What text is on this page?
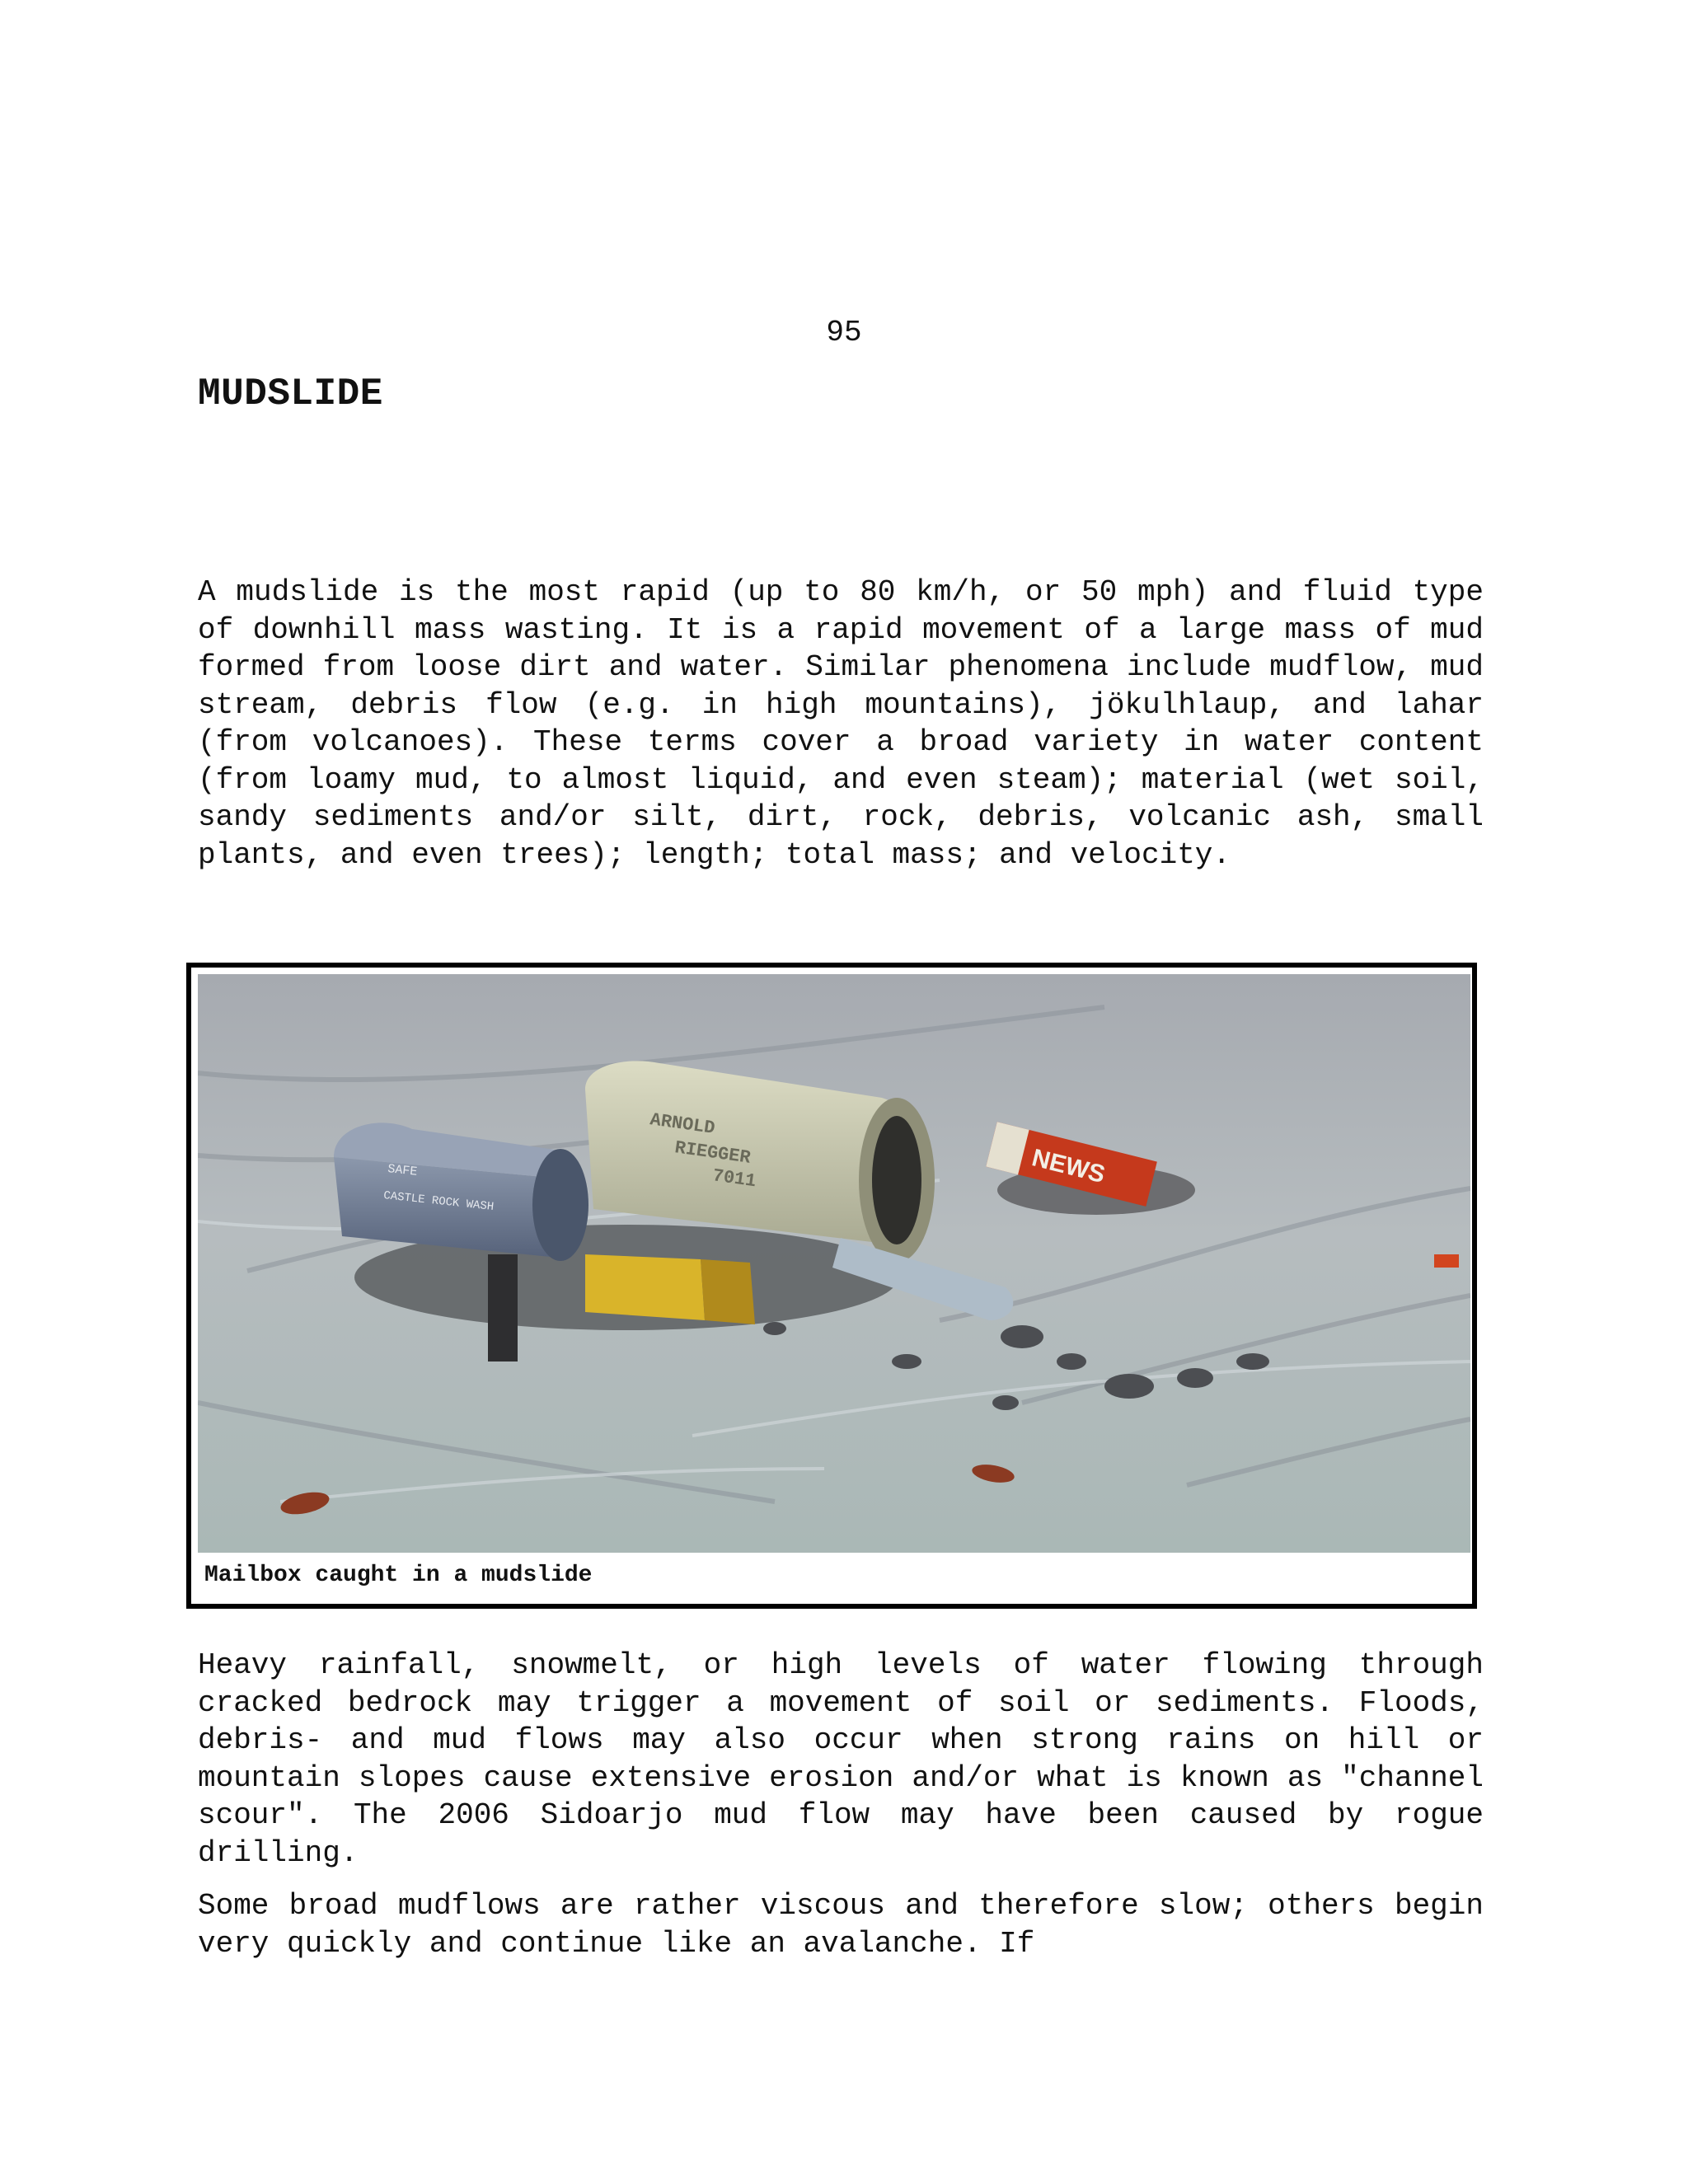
95
MUDSLIDE

A mudslide is the most rapid (up to 80 km/h, or 50 mph) and fluid type of downhill mass wasting. It is a rapid movement of a large mass of mud formed from loose dirt and water. Similar phenomena include mudflow, mud stream, debris flow (e.g. in high mountains), jökulhlaup, and lahar (from volcanoes). These terms cover a broad variety in water content (from loamy mud, to almost liquid, and even steam); material (wet soil, sandy sediments and/or silt, dirt, rock, debris, volcanic ash, small plants, and even trees); length; total mass; and velocity.

SAFE
CASTLE ROCK WASH
ARNOLD
RIEGGER
7011	NEWS
Mailbox caught in a mudslide

Heavy rainfall, snowmelt, or high levels of water flowing through cracked bedrock may trigger a movement of soil or sediments. Floods, debris- and mud flows may also occur when strong rains on hill or mountain slopes cause extensive erosion and/or what is known as "channel scour". The 2006 Sidoarjo mud flow may have been caused by rogue drilling.

Some broad mudflows are rather viscous and therefore slow; others begin very quickly and continue like an avalanche. If
